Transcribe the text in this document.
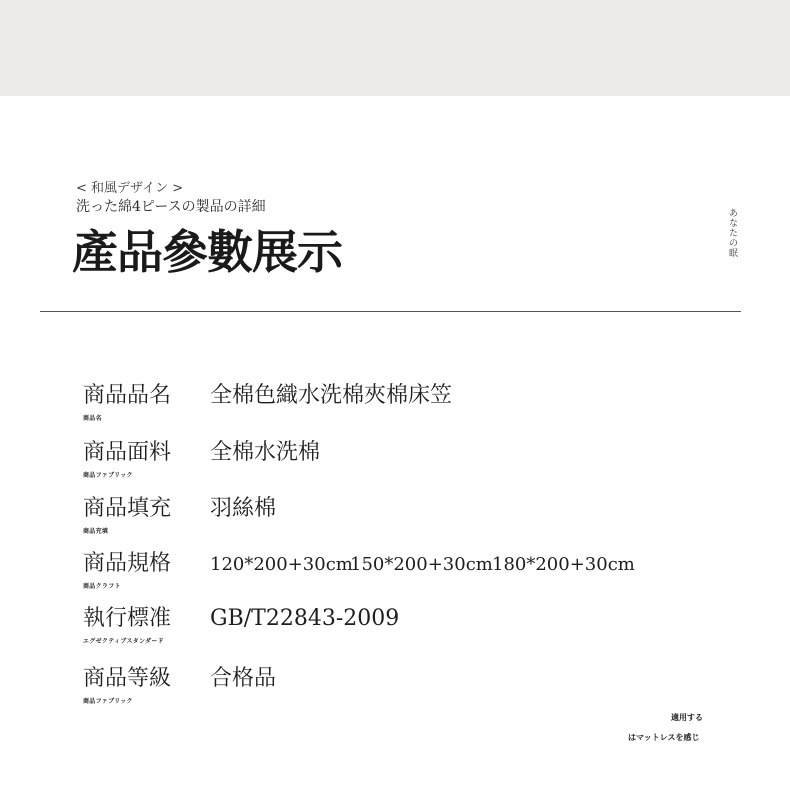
< 和風デザイン >
洗った綿4ピースの製品の詳細
產品參數展示	あなたの眠
商品品名
商品名
全棉色織水洗棉夾棉床笠
商品面料
商品ファブリック
全棉水洗棉
商品填充
商品充填
羽絲棉
商品規格
商品クラフト
120*200+30cm
150*200+30cm 180*200+30cm
執行標准
エグゼクティブスタンダード
GB/T22843-2009
商品等級
商品ファブリック
合格品
適用する
はマットレスを感じ
